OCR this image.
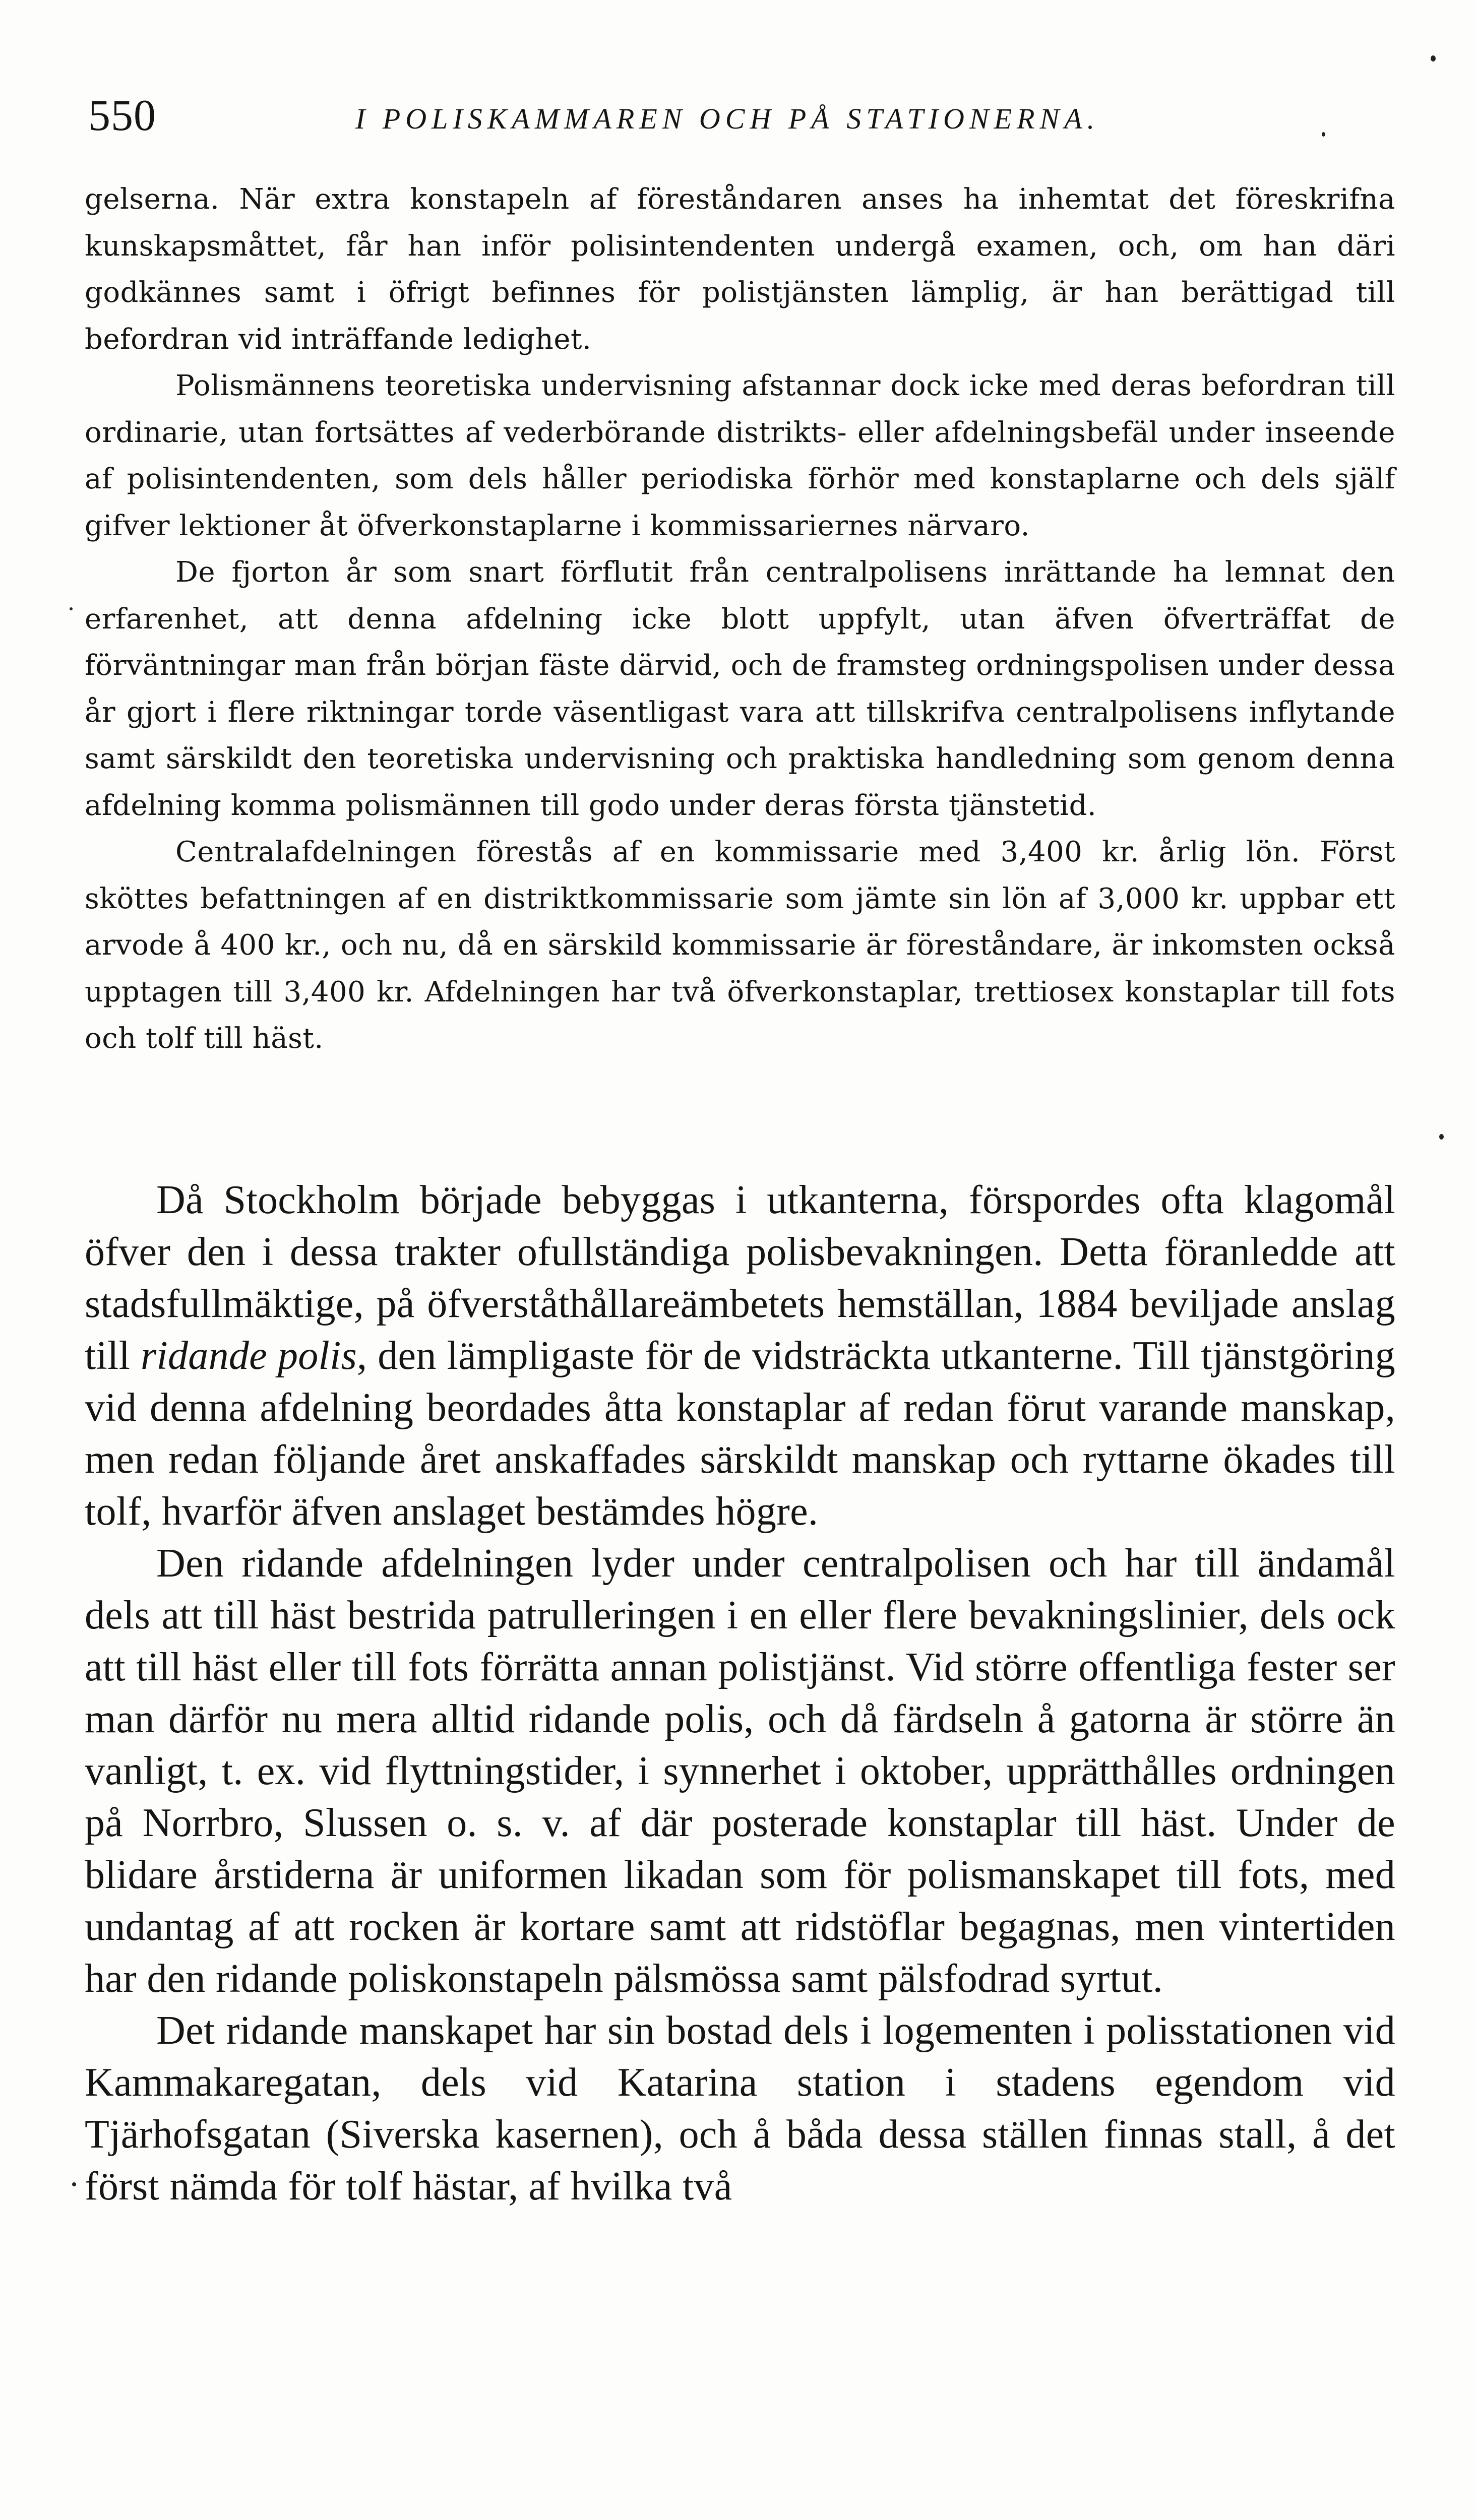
550	I POLISKAMMAREN OCH PÅ STATIONERNA.

gelserna. När extra konstapeln af föreståndaren anses ha inhemtat det föreskrifna kunskapsmåttet, får han inför polisintendenten undergå examen, och, om han däri godkännes samt i öfrigt befinnes för polistjänsten lämplig, är han berättigad till befordran vid inträffande ledighet.

Polismännens teoretiska undervisning afstannar dock icke med deras befordran till ordinarie, utan fortsättes af vederbörande distrikts- eller afdelningsbefäl under inseende af polisintendenten, som dels håller periodiska förhör med konstaplarne och dels själf gifver lektioner åt öfverkonstaplarne i kommissariernes närvaro.

De fjorton år som snart förflutit från centralpolisens inrättande ha lemnat den erfarenhet, att denna afdelning icke blott uppfylt, utan äfven öfverträffat de förväntningar man från början fäste därvid, och de framsteg ordningspolisen under dessa år gjort i flere riktningar torde väsentligast vara att tillskrifva centralpolisens inflytande samt särskildt den teoretiska undervisning och praktiska handledning som genom denna afdelning komma polismännen till godo under deras första tjänstetid.

Centralafdelningen förestås af en kommissarie med 3,400 kr. årlig lön. Först sköttes befattningen af en distriktkommissarie som jämte sin lön af 3,000 kr. uppbar ett arvode å 400 kr., och nu, då en särskild kommissarie är föreståndare, är inkomsten också upptagen till 3,400 kr. Afdelningen har två öfverkonstaplar, trettiosex konstaplar till fots och tolf till häst.

Då Stockholm började bebyggas i utkanterna, förspordes ofta klagomål öfver den i dessa trakter ofullständiga polisbevakningen. Detta föranledde att stadsfullmäktige, på öfverståthållareämbetets hemställan, 1884 beviljade anslag till ridande polis, den lämpligaste för de vidsträckta utkanterne. Till tjänstgöring vid denna afdelning beordades åtta konstaplar af redan förut varande manskap, men redan följande året anskaffades särskildt manskap och ryttarne ökades till tolf, hvarför äfven anslaget bestämdes högre.

Den ridande afdelningen lyder under centralpolisen och har till ändamål dels att till häst bestrida patrulleringen i en eller flere bevakningslinier, dels ock att till häst eller till fots förrätta annan polistjänst. Vid större offentliga fester ser man därför nu mera alltid ridande polis, och då färdseln å gatorna är större än vanligt, t. ex. vid flyttningstider, i synnerhet i oktober, upprätthålles ordningen på Norrbro, Slussen o. s. v. af där posterade konstaplar till häst. Under de blidare årstiderna är uniformen likadan som för polismanskapet till fots, med undantag af att rocken är kortare samt att ridstöflar begagnas, men vintertiden har den ridande poliskonstapeln pälsmössa samt pälsfodrad syrtut.

Det ridande manskapet har sin bostad dels i logementen i polisstationen vid Kammakaregatan, dels vid Katarina station i stadens egendom vid Tjärhofsgatan (Siverska kasernen), och å båda dessa ställen finnas stall, å det först nämda för tolf hästar, af hvilka två
